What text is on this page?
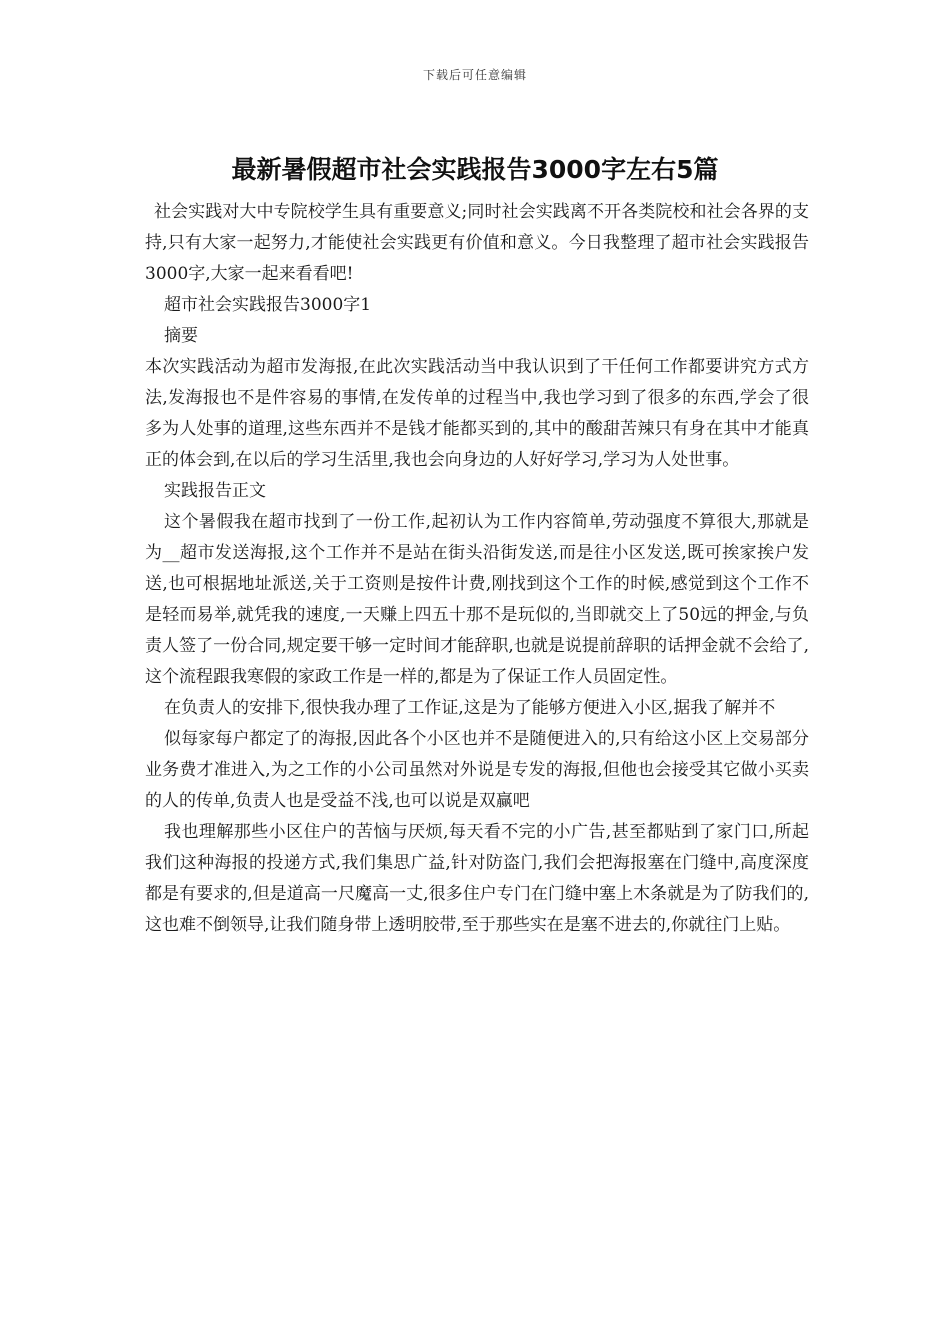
下载后可任意编辑
最新暑假超市社会实践报告3000字左右5篇

社会实践对大中专院校学生具有重要意义;同时社会实践离不开各类院校和社会各界的支持,只有大家一起努力,才能使社会实践更有价值和意义。今日我整理了超市社会实践报告3000字,大家一起来看看吧!

超市社会实践报告3000字1

摘要

本次实践活动为超市发海报,在此次实践活动当中我认识到了干任何工作都要讲究方式方法,发海报也不是件容易的事情,在发传单的过程当中,我也学习到了很多的东西,学会了很多为人处事的道理,这些东西并不是钱才能都买到的,其中的酸甜苦辣只有身在其中才能真正的体会到,在以后的学习生活里,我也会向身边的人好好学习,学习为人处世事。

实践报告正文

这个暑假我在超市找到了一份工作,起初认为工作内容简单,劳动强度不算很大,那就是为__超市发送海报,这个工作并不是站在街头沿街发送,而是往小区发送,既可挨家挨户发送,也可根据地址派送,关于工资则是按件计费,刚找到这个工作的时候,感觉到这个工作不是轻而易举,就凭我的速度,一天赚上四五十那不是玩似的,当即就交上了50远的押金,与负责人签了一份合同,规定要干够一定时间才能辞职,也就是说提前辞职的话押金就不会给了,这个流程跟我寒假的家政工作是一样的,都是为了保证工作人员固定性。

在负责人的安排下,很快我办理了工作证,这是为了能够方便进入小区,据我了解并不

似每家每户都定了的海报,因此各个小区也并不是随便进入的,只有给这小区上交易部分业务费才准进入,为之工作的小公司虽然对外说是专发的海报,但他也会接受其它做小买卖的人的传单,负责人也是受益不浅,也可以说是双赢吧

我也理解那些小区住户的苦恼与厌烦,每天看不完的小广告,甚至都贴到了家门口,所起我们这种海报的投递方式,我们集思广益,针对防盗门,我们会把海报塞在门缝中,高度深度都是有要求的,但是道高一尺魔高一丈,很多住户专门在门缝中塞上木条就是为了防我们的,这也难不倒领导,让我们随身带上透明胶带,至于那些实在是塞不进去的,你就往门上贴。
